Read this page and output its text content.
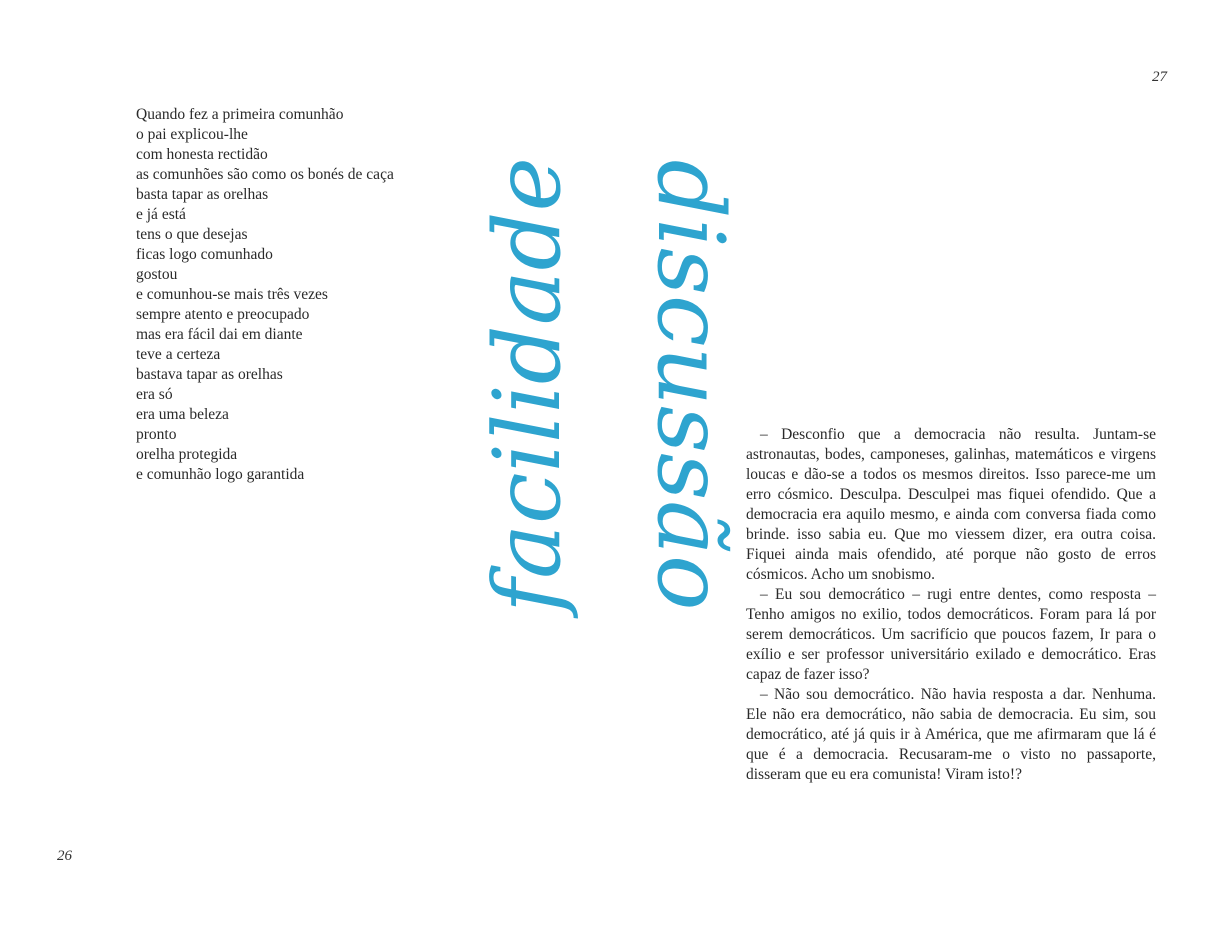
26
27
Quando fez a primeira comunhão
o pai explicou-lhe
com honesta rectidão
as comunhões são como os bonés de caça
basta tapar as orelhas
e já está
tens o que desejas
ficas logo comunhado
gostou
e comunhou-se mais três vezes
sempre atento e preocupado
mas era fácil dai em diante
teve a certeza
bastava tapar as orelhas
era só
era uma beleza
pronto
orelha protegida
e comunhão logo garantida	facilidade discussão	– Desconfio que a democracia não resulta. Juntam-se astronautas, bodes, camponeses, galinhas, matemáticos e virgens loucas e dão-se a todos os mesmos direitos. Isso parece-me um erro cósmico. Desculpa. Desculpei mas fiquei ofendido. Que a democracia era aquilo mesmo, e ainda com conversa fiada como brinde. isso sabia eu. Que mo viessem dizer, era outra coisa. Fiquei ainda mais ofendido, até porque não gosto de erros cósmicos. Acho um snobismo.

– Eu sou democrático – rugi entre dentes, como resposta – Tenho amigos no exilio, todos democráticos. Foram para lá por serem democráticos. Um sacrifício que poucos fazem, Ir para o exílio e ser professor universitário exilado e democrático. Eras capaz de fazer isso?

– Não sou democrático. Não havia resposta a dar. Nenhuma. Ele não era democrático, não sabia de democracia. Eu sim, sou democrático, até já quis ir à América, que me afirmaram que lá é que é a democracia. Recusaram-me o visto no passaporte, disseram que eu era comunista! Viram isto!?
